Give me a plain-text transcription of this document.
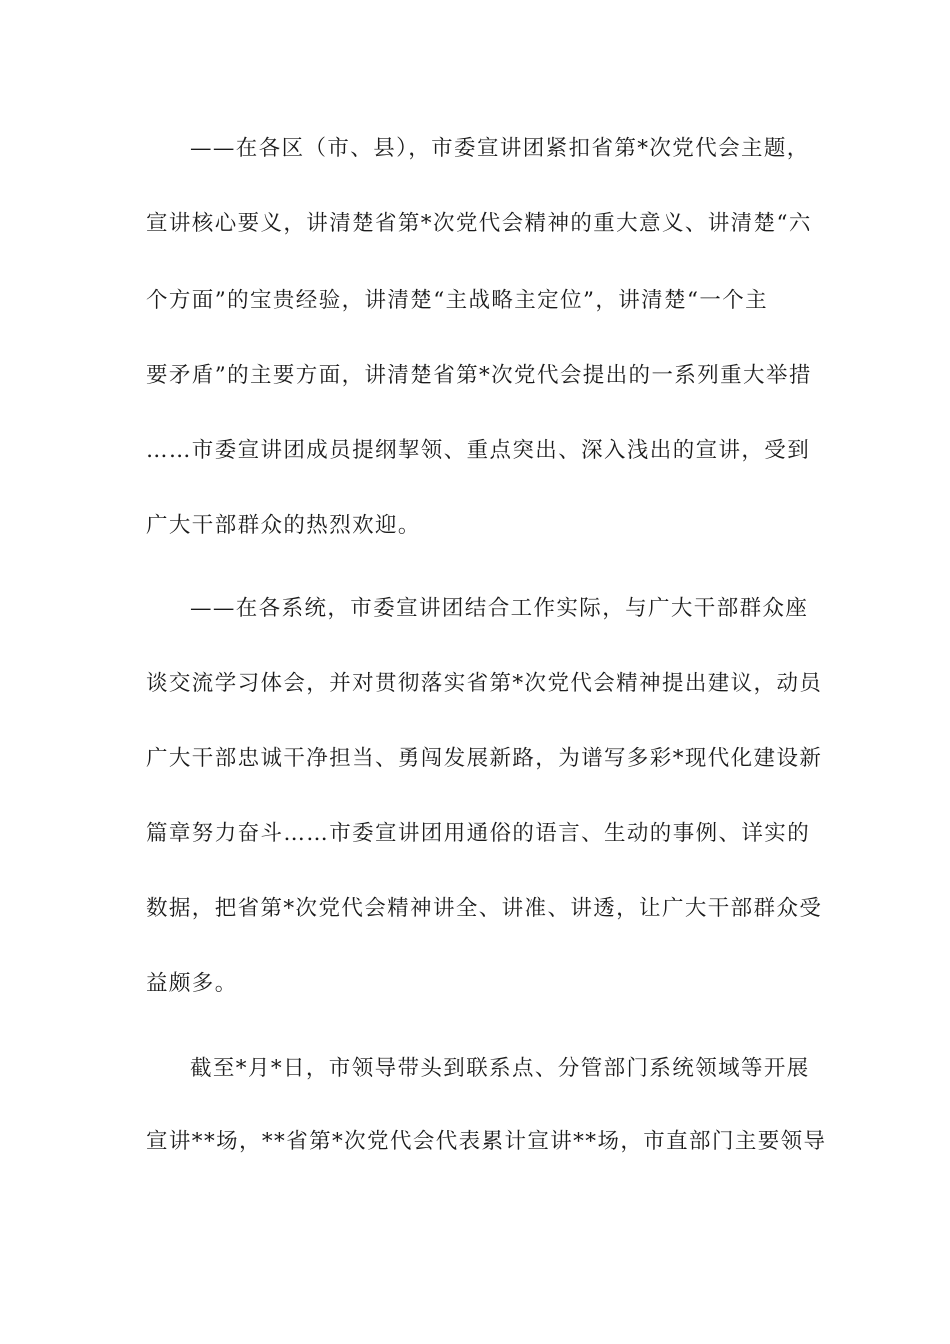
——在各区（市、县），市委宣讲团紧扣省第*次党代会主题，
宣讲核心要义，讲清楚省第*次党代会精神的重大意义、讲清楚“六
个方面”的宝贵经验，讲清楚“主战略主定位”，讲清楚“一个主
要矛盾”的主要方面，讲清楚省第*次党代会提出的一系列重大举措
……市委宣讲团成员提纲挈领、重点突出、深入浅出的宣讲，受到
广大干部群众的热烈欢迎。
——在各系统，市委宣讲团结合工作实际，与广大干部群众座
谈交流学习体会，并对贯彻落实省第*次党代会精神提出建议，动员
广大干部忠诚干净担当、勇闯发展新路，为谱写多彩*现代化建设新
篇章努力奋斗……市委宣讲团用通俗的语言、生动的事例、详实的
数据，把省第*次党代会精神讲全、讲准、讲透，让广大干部群众受
益颇多。
截至*月*日，市领导带头到联系点、分管部门系统领域等开展
宣讲**场，**省第*次党代会代表累计宣讲**场，市直部门主要领导
